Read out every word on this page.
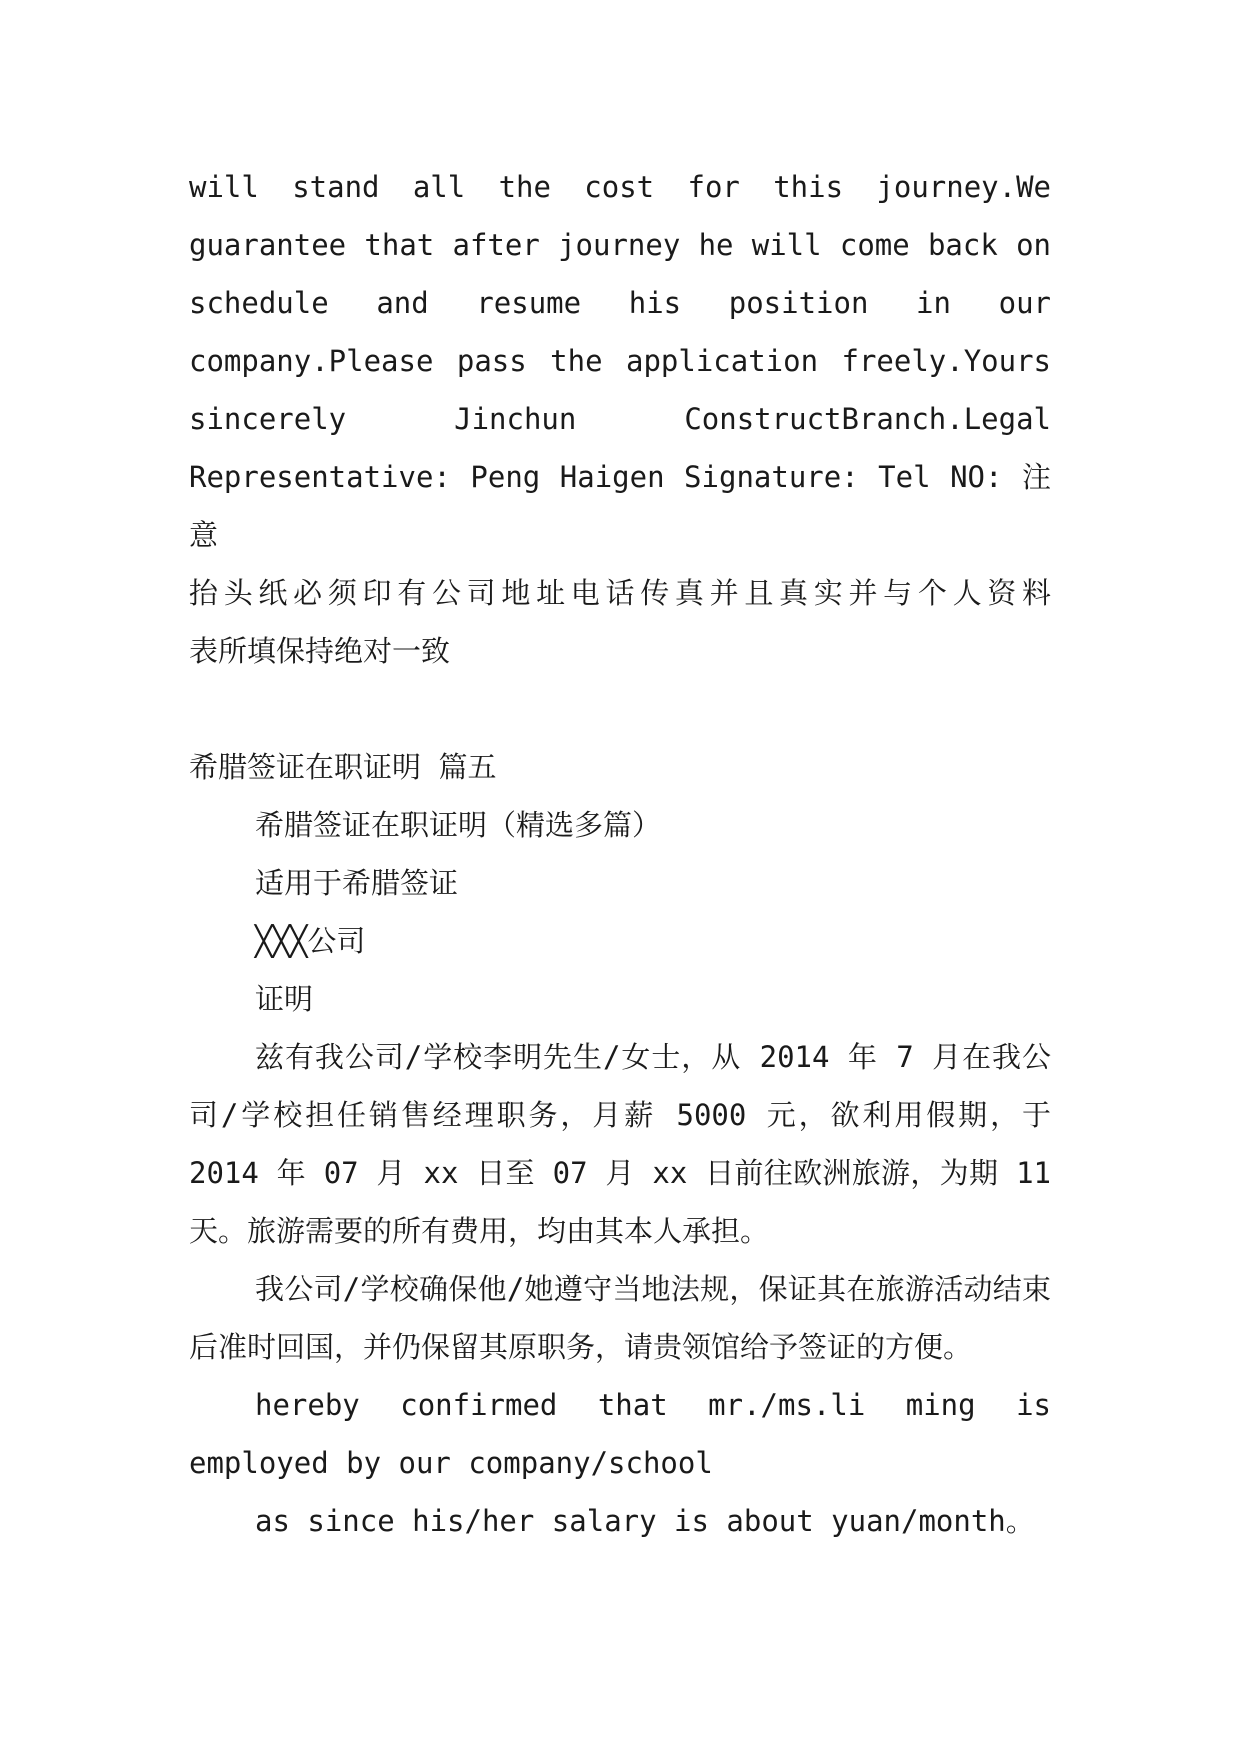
will stand all the cost for this journey.We

guarantee that after journey he will come back on

schedule and resume his position in our

company.Please pass the application freely.Yours

sincerely Jinchun ConstructBranch.Legal

Representative: Peng Haigen Signature: Tel NO: 注意

抬头纸必须印有公司地址电话传真并且真实并与个人资料

表所填保持绝对一致

希腊签证在职证明 篇五

希腊签证在职证明（精选多篇）

适用于希腊签证

╳╳╳公司

证明

兹有我公司/学校李明先生/女士，从 2014 年 7 月在我公司/学校担任销售经理职务，月薪 5000 元，欲利用假期，于 2014 年 07 月 xx 日至 07 月 xx 日前往欧洲旅游，为期 11 天。旅游需要的所有费用，均由其本人承担。

我公司/学校确保他/她遵守当地法规，保证其在旅游活动结束后准时回国，并仍保留其原职务，请贵领馆给予签证的方便。

hereby confirmed that mr./ms.li ming is

employed by our company/school

as since his/her salary is about yuan/month。
